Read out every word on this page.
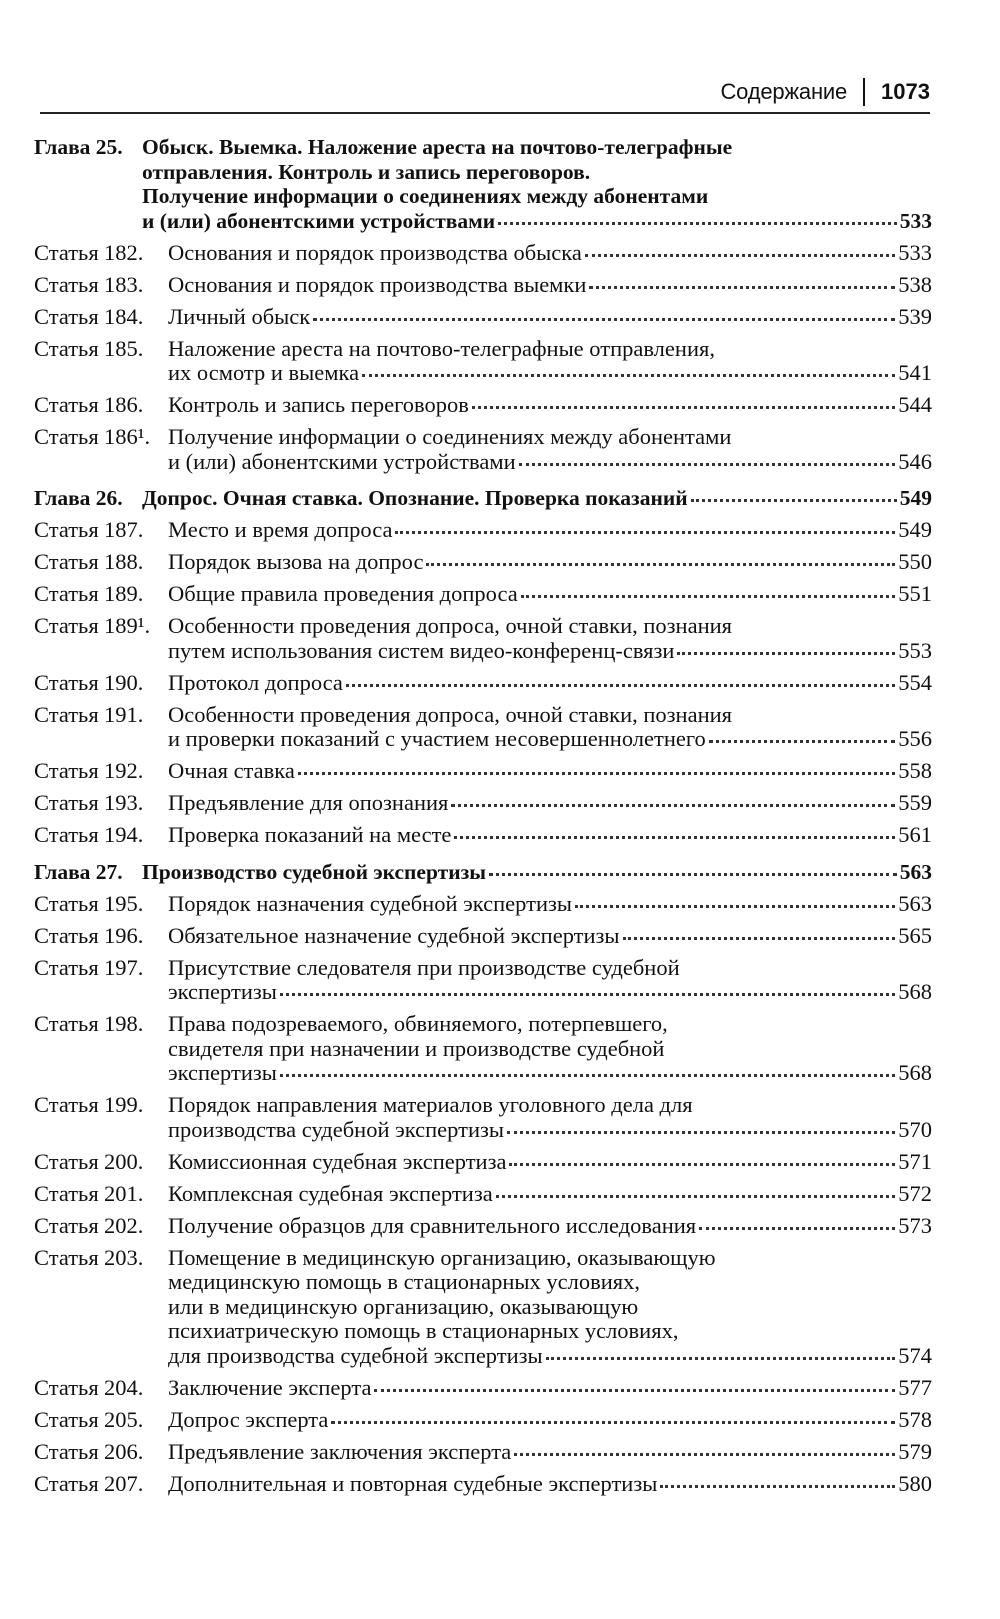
Содержание 1073
Глава 25. Обыск. Выемка. Наложение ареста на почтово-телеграфные
отправления. Контроль и запись переговоров.
Получение информации о соединениях между абонентами
и (или) абонентскими устройствами	533
Статья 182. Основания и порядок производства обыска	533
Статья 183. Основания и порядок производства выемки	538
Статья 184. Личный обыск	539
Статья 185. Наложение ареста на почтово-телеграфные отправления,
их осмотр и выемка	541
Статья 186. Контроль и запись переговоров	544
Статья 186¹. Получение информации о соединениях между абонентами
и (или) абонентскими устройствами	546
Глава 26. Допрос. Очная ставка. Опознание. Проверка показаний	549
Статья 187. Место и время допроса	549
Статья 188. Порядок вызова на допрос	550
Статья 189. Общие правила проведения допроса	551
Статья 189¹. Особенности проведения допроса, очной ставки, познания
путем использования систем видео-конференц-связи	553
Статья 190. Протокол допроса	554
Статья 191. Особенности проведения допроса, очной ставки, познания
и проверки показаний с участием несовершеннолетнего	556
Статья 192. Очная ставка	558
Статья 193. Предъявление для опознания	559
Статья 194. Проверка показаний на месте	561
Глава 27. Производство судебной экспертизы	563
Статья 195. Порядок назначения судебной экспертизы	563
Статья 196. Обязательное назначение судебной экспертизы	565
Статья 197. Присутствие следователя при производстве судебной
экспертизы	568
Статья 198. Права подозреваемого, обвиняемого, потерпевшего,
свидетеля при назначении и производстве судебной
экспертизы	568
Статья 199. Порядок направления материалов уголовного дела для
производства судебной экспертизы	570
Статья 200. Комиссионная судебная экспертиза	571
Статья 201. Комплексная судебная экспертиза	572
Статья 202. Получение образцов для сравнительного исследования	573
Статья 203. Помещение в медицинскую организацию, оказывающую
медицинскую помощь в стационарных условиях,
или в медицинскую организацию, оказывающую
психиатрическую помощь в стационарных условиях,
для производства судебной экспертизы	574
Статья 204. Заключение эксперта	577
Статья 205. Допрос эксперта	578
Статья 206. Предъявление заключения эксперта	579
Статья 207. Дополнительная и повторная судебные экспертизы	580
